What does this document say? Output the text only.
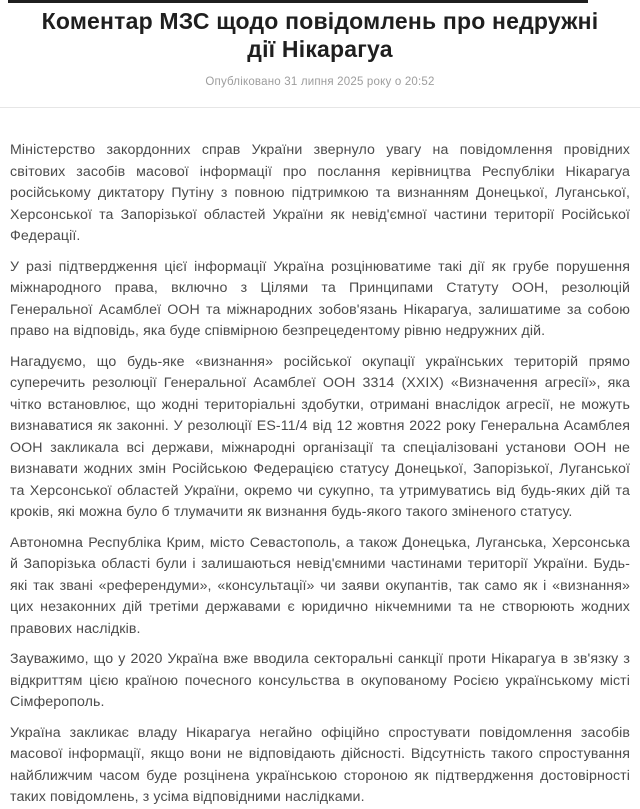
Коментар МЗС щодо повідомлень про недружні дії Нікарагуа
Опубліковано 31 липня 2025 року о 20:52

Міністерство закордонних справ України звернуло увагу на повідомлення провідних світових засобів масової інформації про послання керівництва Республіки Нікарагуа російському диктатору Путіну з повною підтримкою та визнанням Донецької, Луганської, Херсонської та Запорізької областей України як невід'ємної частини території Російської Федерації.

У разі підтвердження цієї інформації Україна розцінюватиме такі дії як грубе порушення міжнародного права, включно з Цілями та Принципами Статуту ООН, резолюцій Генеральної Асамблеї ООН та міжнародних зобов'язань Нікарагуа, залишатиме за собою право на відповідь, яка буде співмірною безпрецедентому рівню недружних дій.

Нагадуємо, що будь-яке «визнання» російської окупації українських територій прямо суперечить резолюції Генеральної Асамблеї ООН 3314 (XXIX) «Визначення агресії», яка чітко встановлює, що жодні територіальні здобутки, отримані внаслідок агресії, не можуть визнаватися як законні. У резолюції ES-11/4 від 12 жовтня 2022 року Генеральна Асамблея ООН закликала всі держави, міжнародні організації та спеціалізовані установи ООН не визнавати жодних змін Російською Федерацією статусу Донецької, Запорізької, Луганської та Херсонської областей України, окремо чи сукупно, та утримуватись від будь-яких дій та кроків, які можна було б тлумачити як визнання будь-якого такого зміненого статусу.

Автономна Республіка Крим, місто Севастополь, а також Донецька, Луганська, Херсонська й Запорізька області були і залишаються невід'ємними частинами території України. Будь-які так звані «референдуми», «консультації» чи заяви окупантів, так само як і «визнання» цих незаконних дій третіми державами є юридично нікчемними та не створюють жодних правових наслідків.

Зауважимо, що у 2020 Україна вже вводила секторальні санкції проти Нікарагуа в зв'язку з відкриттям цією країною почесного консульства в окупованому Росією українському місті Сімферополь.

Україна закликає владу Нікарагуа негайно офіційно спростувати повідомлення засобів масової інформації, якщо вони не відповідають дійсності. Відсутність такого спростування найближчим часом буде розцінена українською стороною як підтвердження достовірності таких повідомлень, з усіма відповідними наслідками.
